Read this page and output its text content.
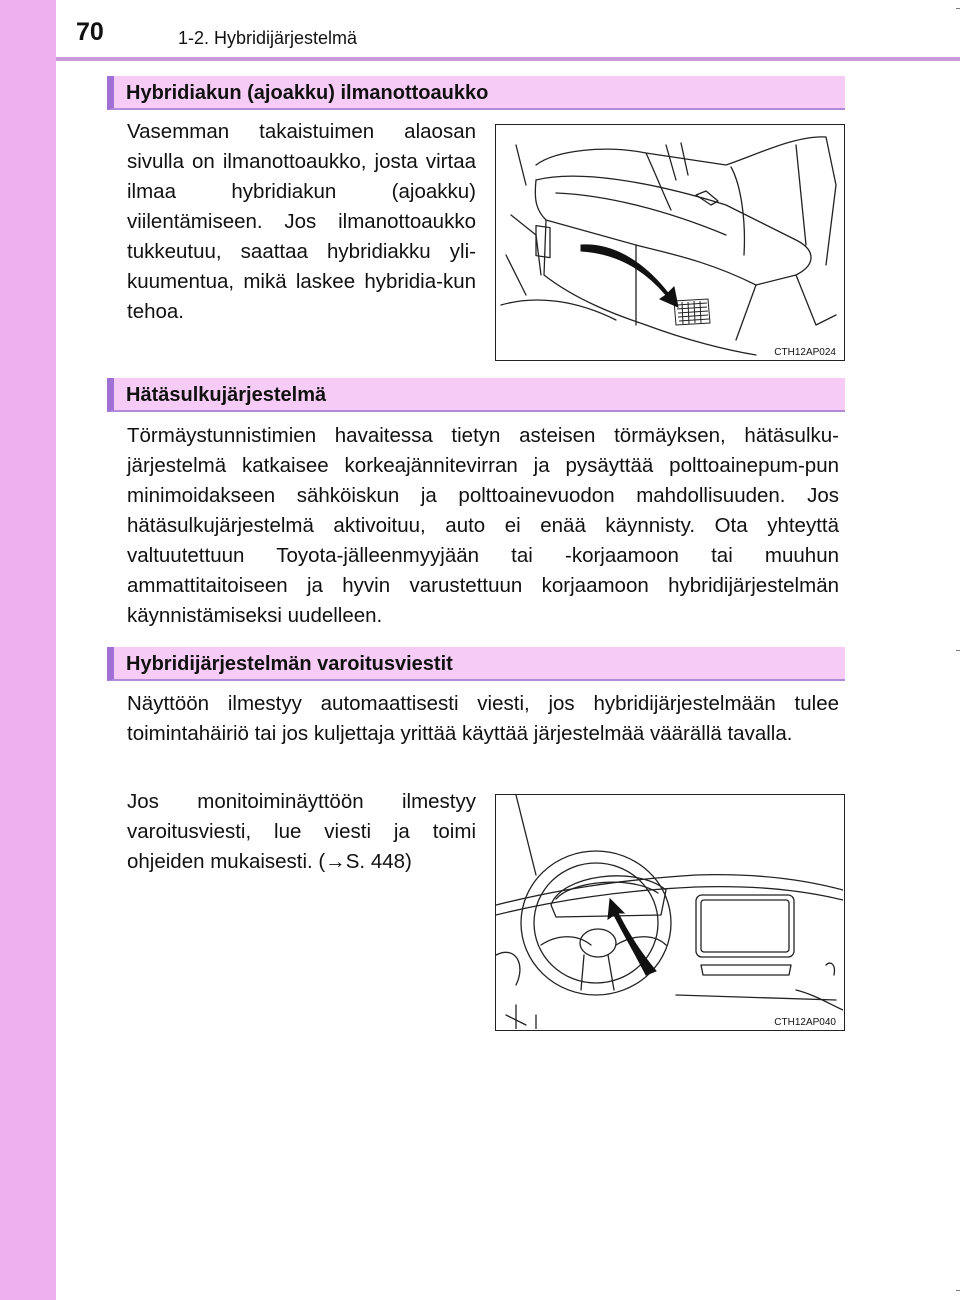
70	1-2. Hybridijärjestelmä
Hybridiakun (ajoakku) ilmanottoaukko
Vasemman takaistuimen alaosan sivulla on ilmanottoaukko, josta virtaa ilmaa hybridiakun (ajoakku) viilentämiseen. Jos ilmanottoaukko tukkeutuu, saattaa hybridiakku yli-kuumentua, mikä laskee hybridia-kun tehoa.
CTH12AP024
Hätäsulkujärjestelmä
Törmäystunnistimien havaitessa tietyn asteisen törmäyksen, hätäsulku-järjestelmä katkaisee korkeajännitevirran ja pysäyttää polttoainepum-pun minimoidakseen sähköiskun ja polttoainevuodon mahdollisuuden. Jos hätäsulkujärjestelmä aktivoituu, auto ei enää käynnisty. Ota yhteyttä valtuutettuun Toyota-jälleenmyyjään tai -korjaamoon tai muuhun ammattitaitoiseen ja hyvin varustettuun korjaamoon hybridijärjestelmän käynnistämiseksi uudelleen.
Hybridijärjestelmän varoitusviestit
Näyttöön ilmestyy automaattisesti viesti, jos hybridijärjestelmään tulee toimintahäiriö tai jos kuljettaja yrittää käyttää järjestelmää väärällä tavalla.
Jos monitoiminäyttöön ilmestyy varoitusviesti, lue viesti ja toimi ohjeiden mukaisesti. (→S. 448)
CTH12AP040
